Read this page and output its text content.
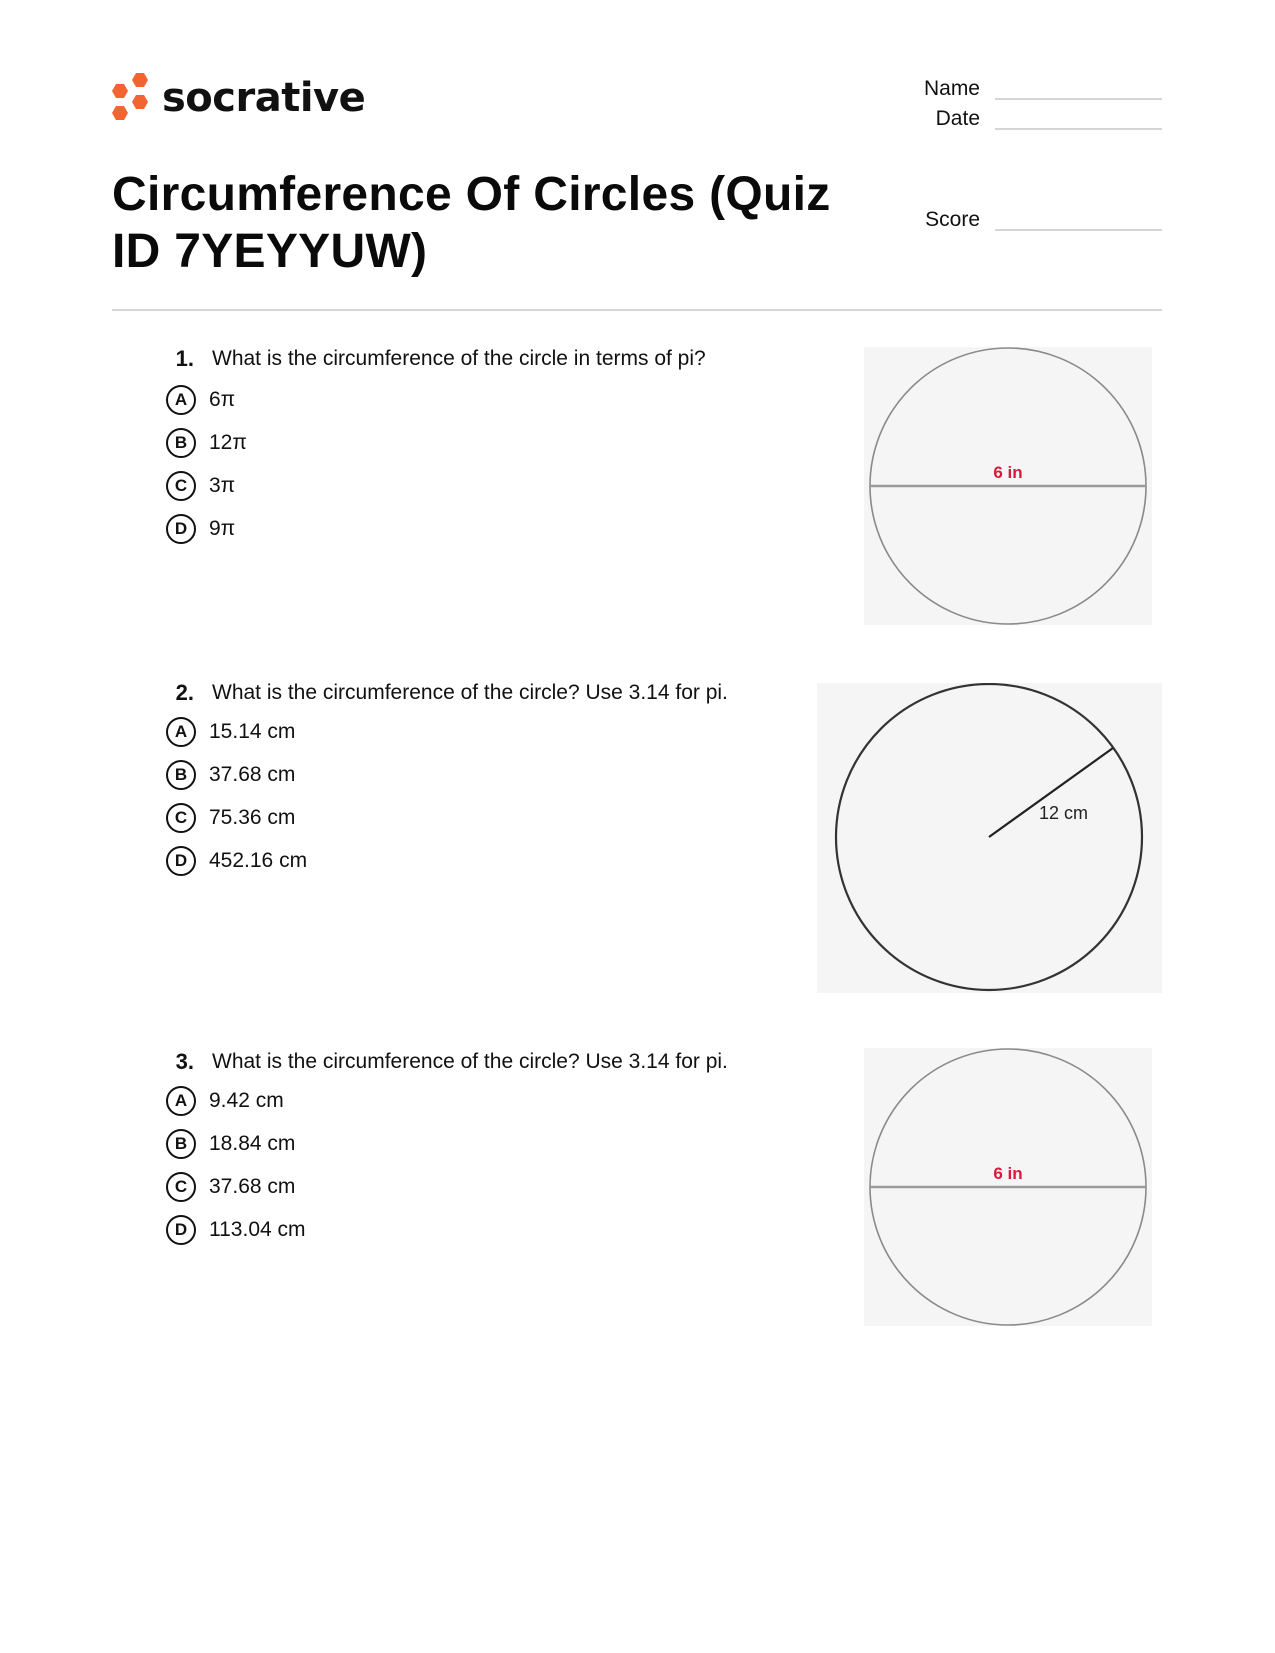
socrative	Name
Date
Score
Circumference Of Circles (Quiz
ID 7YEYYUW)
1. What is the circumference of the circle in terms of pi?
A	6π
B	12π
C	3π
D	9π
6 in
2. What is the circumference of the circle? Use 3.14 for pi.
A	15.14 cm
B	37.68 cm
C	75.36 cm
D	452.16 cm
12 cm
3. What is the circumference of the circle? Use 3.14 for pi.
A	9.42 cm
B	18.84 cm
C	37.68 cm
D	113.04 cm
6 in
